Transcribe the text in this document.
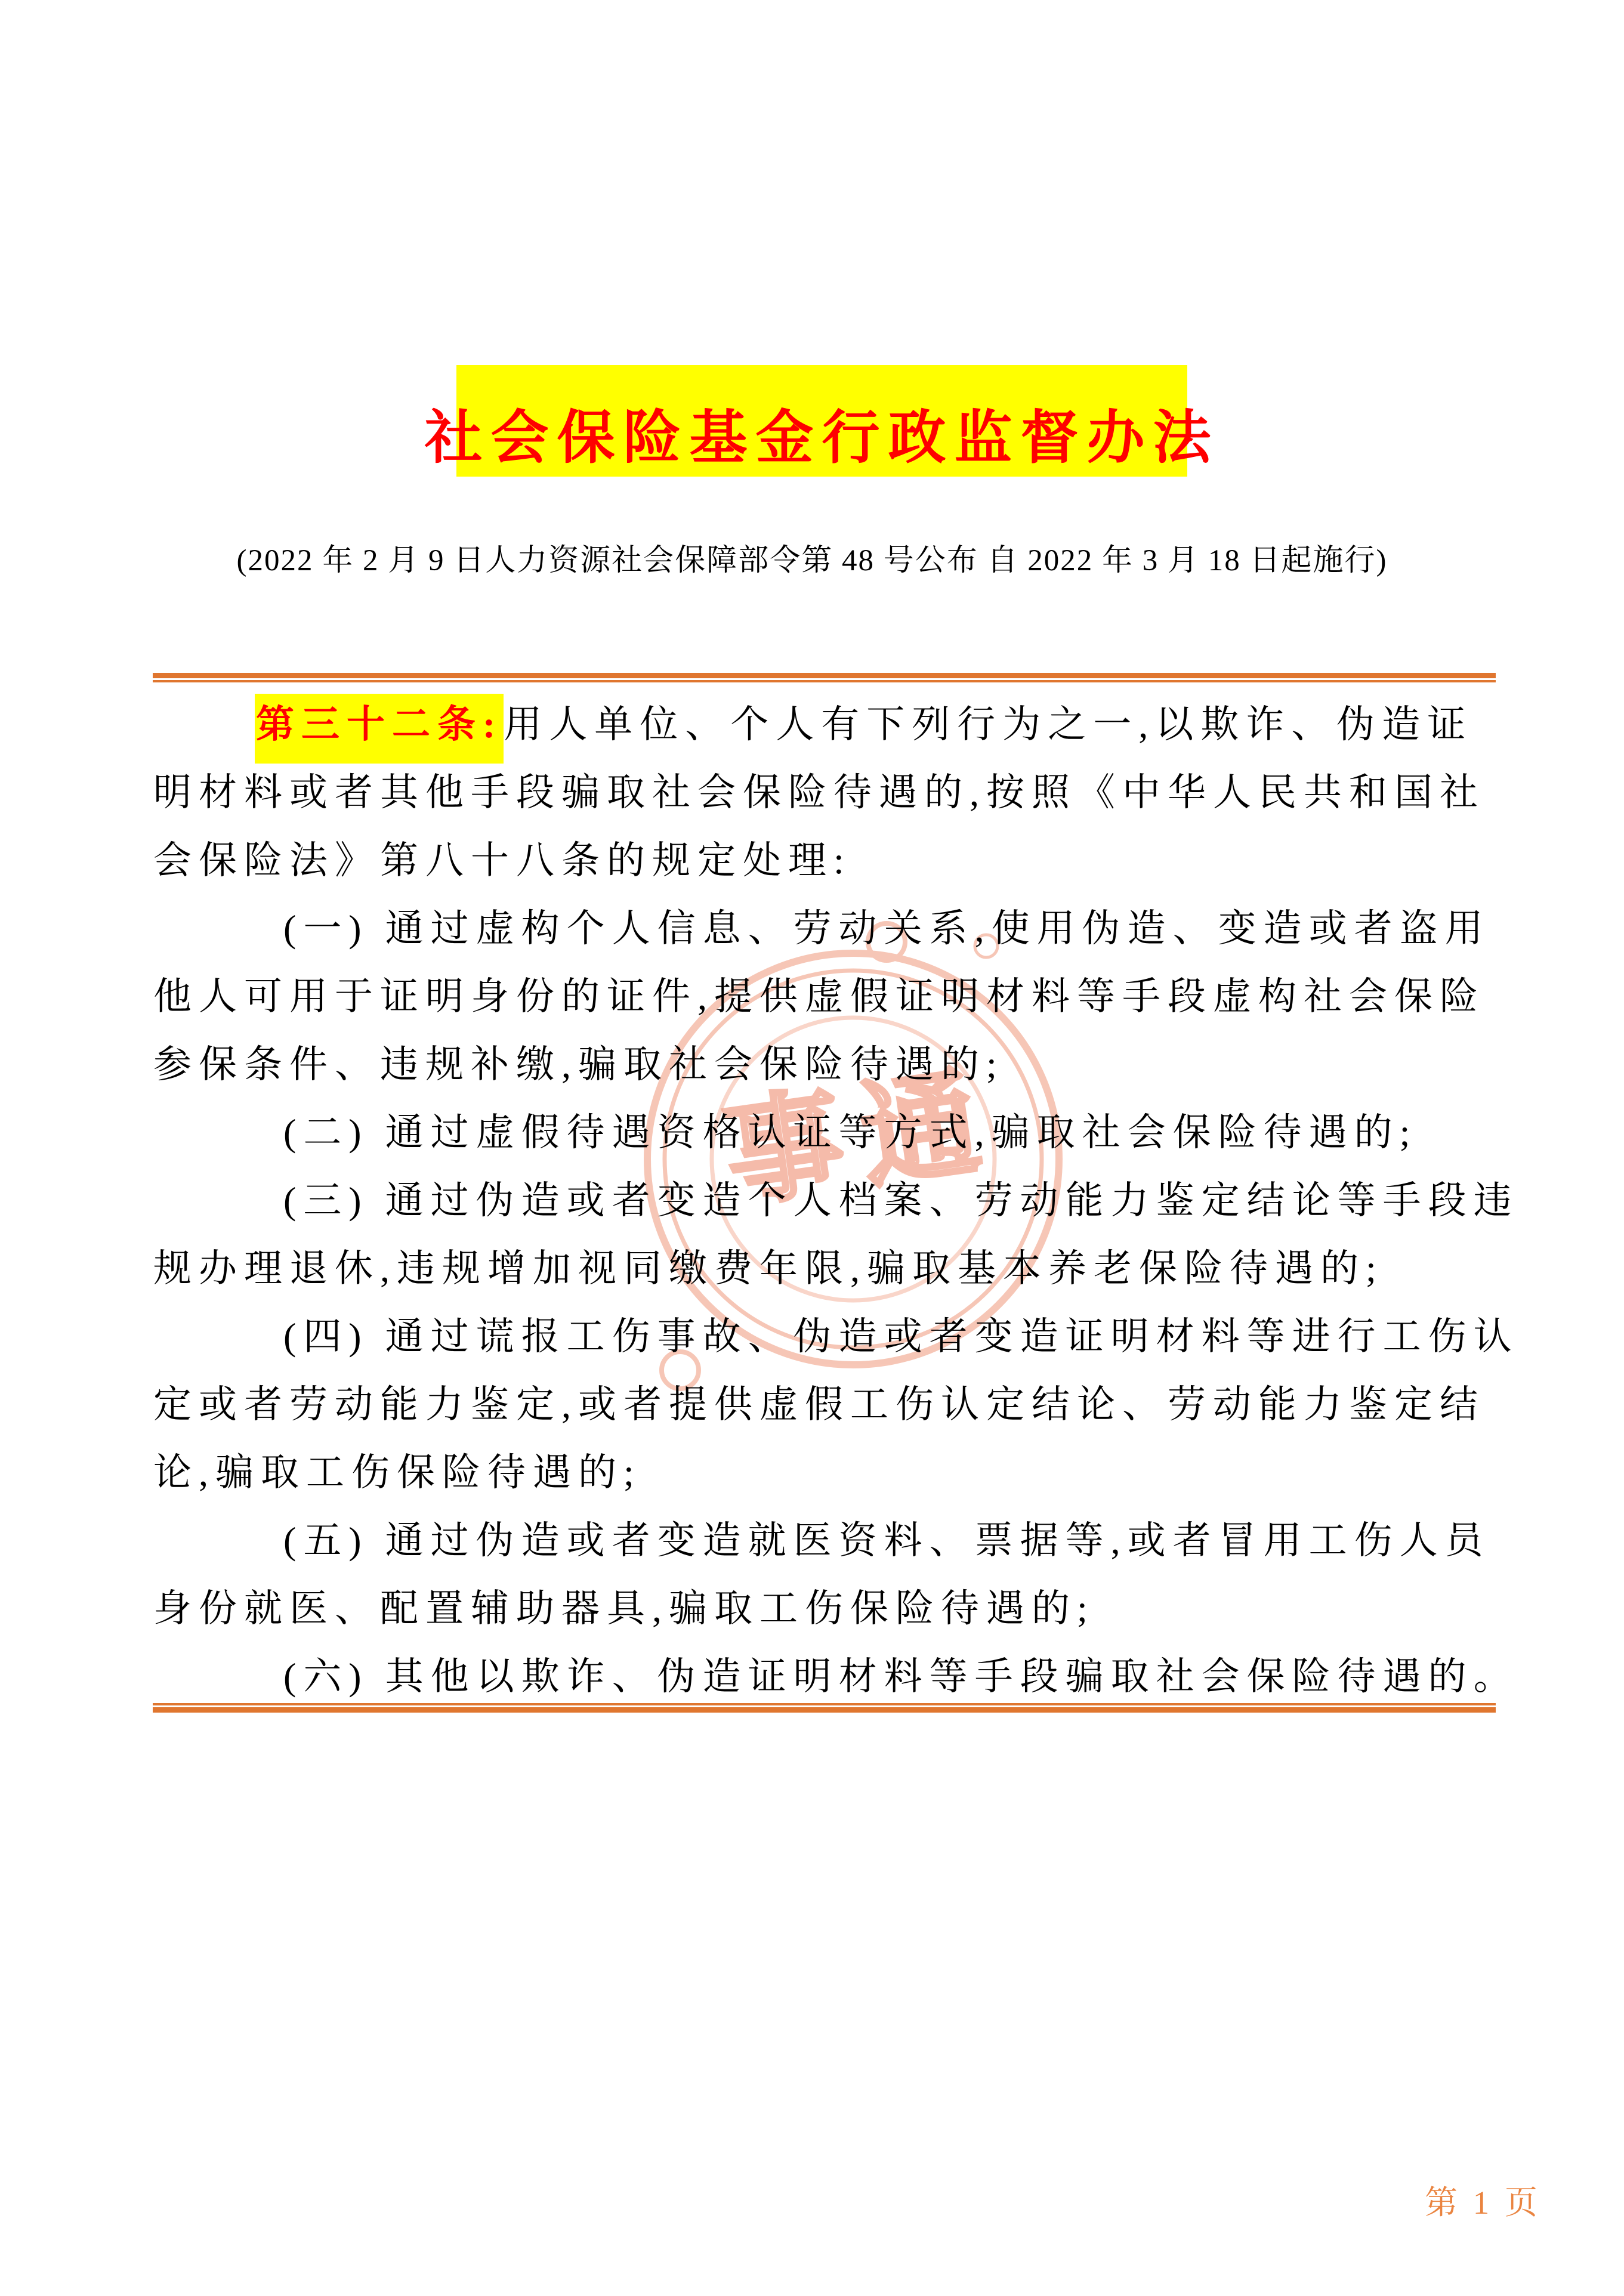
事通
社会保险基金行政监督办法
(2022 年 2 月 9 日人力资源社会保障部令第 48 号公布 自 2022 年 3 月 18 日起施行)
第三十二条:用人单位、个人有下列行为之一,以欺诈、伪造证
明材料或者其他手段骗取社会保险待遇的,按照《中华人民共和国社
会保险法》第八十八条的规定处理:
(一) 通过虚构个人信息、劳动关系,使用伪造、变造或者盗用
他人可用于证明身份的证件,提供虚假证明材料等手段虚构社会保险
参保条件、违规补缴,骗取社会保险待遇的;
(二) 通过虚假待遇资格认证等方式,骗取社会保险待遇的;
(三) 通过伪造或者变造个人档案、劳动能力鉴定结论等手段违
规办理退休,违规增加视同缴费年限,骗取基本养老保险待遇的;
(四) 通过谎报工伤事故、伪造或者变造证明材料等进行工伤认
定或者劳动能力鉴定,或者提供虚假工伤认定结论、劳动能力鉴定结
论,骗取工伤保险待遇的;
(五) 通过伪造或者变造就医资料、票据等,或者冒用工伤人员
身份就医、配置辅助器具,骗取工伤保险待遇的;
(六) 其他以欺诈、伪造证明材料等手段骗取社会保险待遇的。
第 1 页
